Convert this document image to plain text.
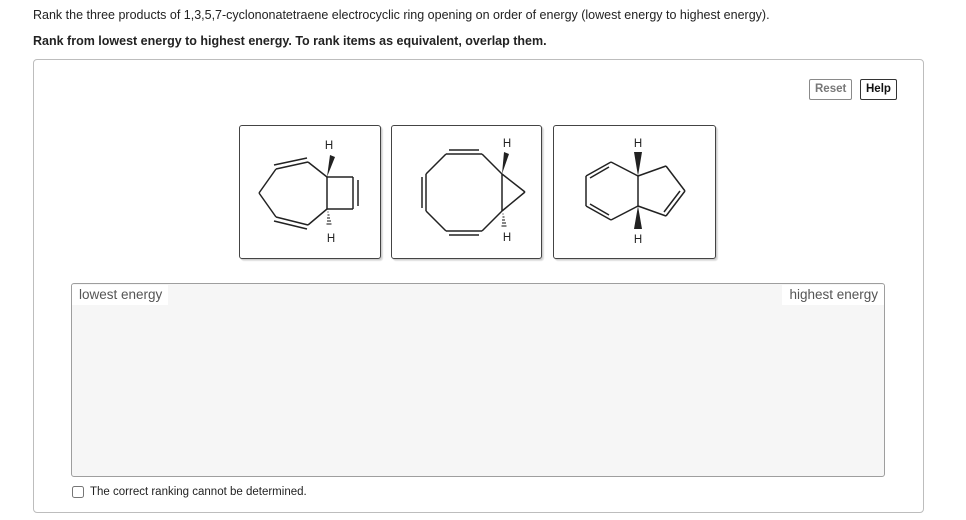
Rank the three products of 1,3,5,7-cyclononatetraene electrocyclic ring opening on order of energy (lowest energy to highest energy).
Rank from lowest energy to highest energy. To rank items as equivalent, overlap them.
Reset	Help
H
H
H
H
H
H
lowest energy	highest energy
The correct ranking cannot be determined.
